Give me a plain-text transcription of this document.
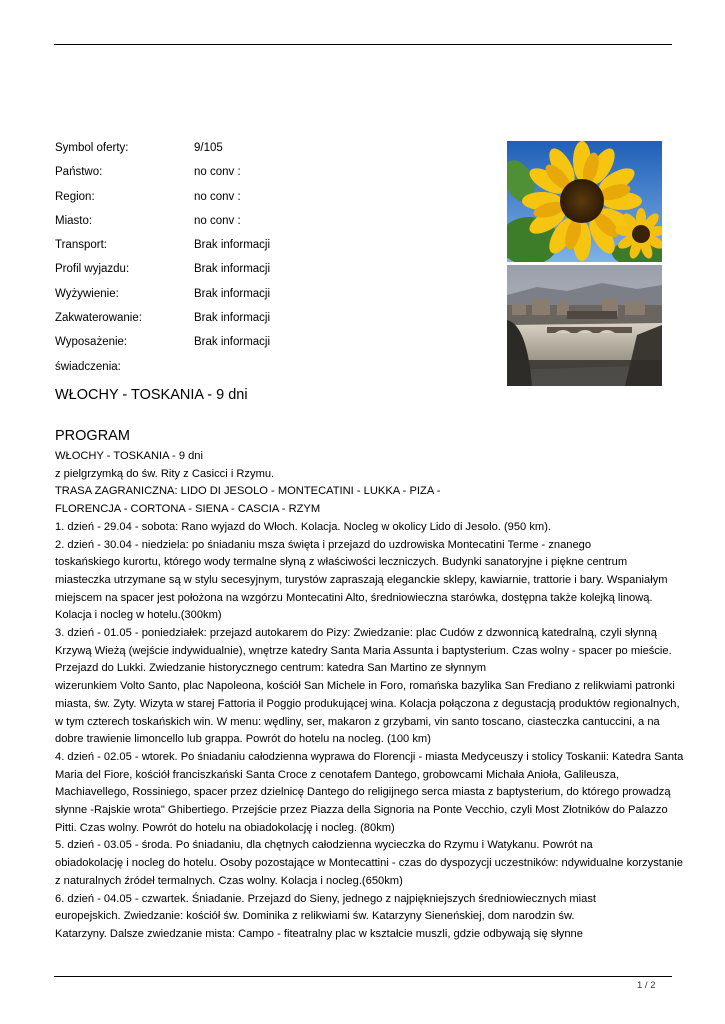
Symbol oferty:	9/105
Państwo:	no conv :
Region:	no conv :
Miasto:	no conv :
Transport:	Brak informacji
Profil wyjazdu:	Brak informacji
Wyżywienie:	Brak informacji
Zakwaterowanie:	Brak informacji
Wyposażenie:	Brak informacji
świadczenia:
WŁOCHY - TOSKANIA - 9 dni
PROGRAM
WŁOCHY - TOSKANIA - 9 dni
z pielgrzymką do św. Rity z Casicci i Rzymu.
TRASA ZAGRANICZNA: LIDO DI JESOLO - MONTECATINI - LUKKA - PIZA -
FLORENCJA - CORTONA - SIENA - CASCIA - RZYM
1. dzień - 29.04 - sobota: Rano wyjazd do Włoch. Kolacja. Nocleg w okolicy Lido di Jesolo. (950 km).
2. dzień - 30.04 - niedziela: po śniadaniu msza święta i przejazd do uzdrowiska Montecatini Terme - znanego
toskańskiego kurortu, którego wody termalne słyną z właściwości leczniczych. Budynki sanatoryjne i piękne centrum
miasteczka utrzymane są w stylu secesyjnym, turystów zapraszają eleganckie sklepy, kawiarnie, trattorie i bary. Wspaniałym
miejscem na spacer jest położona na wzgórzu Montecatini Alto, średniowieczna starówka, dostępna także kolejką linową.
Kolacja i nocleg w hotelu.(300km)
3. dzień - 01.05 - poniedziałek: przejazd autokarem do Pizy: Zwiedzanie: plac Cudów z dzwonnicą katedralną, czyli słynną
Krzywą Wieżą (wejście indywidualnie), wnętrze katedry Santa Maria Assunta i baptysterium. Czas wolny - spacer po mieście.
Przejazd do Lukki. Zwiedzanie historycznego centrum: katedra San Martino ze słynnym
wizerunkiem Volto Santo, plac Napoleona, kościół San Michele in Foro, romańska bazylika San Frediano z relikwiami patronki
miasta, św. Zyty. Wizyta w starej Fattoria il Poggio produkującej wina. Kolacja połączona z degustacją produktów regionalnych,
w tym czterech toskańskich win. W menu: wędliny, ser, makaron z grzybami, vin santo toscano, ciasteczka cantuccini, a na
dobre trawienie limoncello lub grappa. Powrót do hotelu na nocleg. (100 km)
4. dzień - 02.05 - wtorek. Po śniadaniu całodzienna wyprawa do Florencji - miasta Medyceuszy i stolicy Toskanii: Katedra Santa
Maria del Fiore, kościół franciszkański Santa Croce z cenotafem Dantego, grobowcami Michała Anioła, Galileusza,
Machiavellego, Rossiniego, spacer przez dzielnicę Dantego do religijnego serca miasta z baptysterium, do którego prowadzą
słynne -Rajskie wrota" Ghibertiego. Przejście przez Piazza della Signoria na Ponte Vecchio, czyli Most Złotników do Palazzo
Pitti. Czas wolny. Powrót do hotelu na obiadokolację i nocleg. (80km)
5. dzień - 03.05 - środa. Po śniadaniu, dla chętnych całodzienna wycieczka do Rzymu i Watykanu. Powrót na
obiadokolację i nocleg do hotelu. Osoby pozostające w Montecattini - czas do dyspozycji uczestników: ndywidualne korzystanie
z naturalnych źródeł termalnych. Czas wolny. Kolacja i nocleg.(650km)
6. dzień - 04.05 - czwartek. Śniadanie. Przejazd do Sieny, jednego z najpiękniejszych średniowiecznych miast
europejskich. Zwiedzanie: kościół św. Dominika z relikwiami św. Katarzyny Sieneńskiej, dom narodzin św.
Katarzyny. Dalsze zwiedzanie mista: Campo - fiteatralny plac w kształcie muszli, gdzie odbywają się słynne
1 / 2
